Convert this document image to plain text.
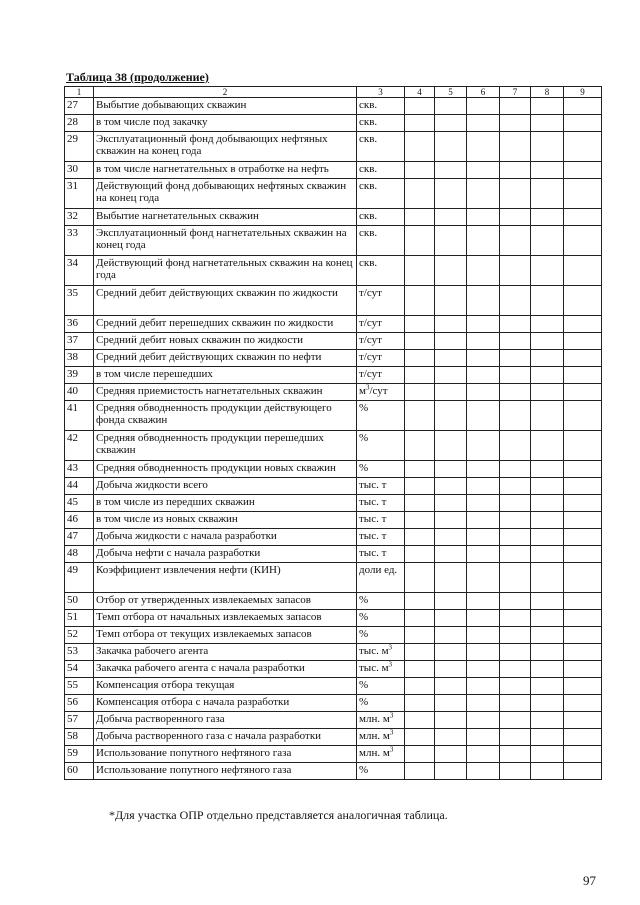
Таблица 38 (продолжение)
1	2	3	4	5	6	7	8	9
27	Выбытие добывающих скважин	скв.						
28	в том числе под закачку	скв.						
29	Эксплуатационный фонд добывающих нефтяных скважин на конец года	скв.						
30	в том числе нагнетательных в отработке на нефть	скв.						
31	Действующий фонд добывающих нефтяных скважин на конец года	скв.						
32	Выбытие нагнетательных скважин	скв.						
33	Эксплуатационный фонд нагнетательных скважин на конец года	скв.						
34	Действующий фонд нагнетательных скважин на конец года	скв.						
35	Средний дебит действующих скважин по жидкости	т/сут						
36	Средний дебит перешедших скважин по жидкости	т/сут						
37	Средний дебит новых скважин по жидкости	т/сут						
38	Средний дебит действующих скважин по нефти	т/сут						
39	в том числе перешедших	т/сут						
40	Средняя приемистость нагнетательных скважин	$м^3$/сут						
41	Средняя обводненность продукции действующего фонда скважин	%						
42	Средняя обводненность продукции перешедших скважин	%						
43	Средняя обводненность продукции новых скважин	%						
44	Добыча жидкости всего	тыс. т						
45	в том числе из передших скважин	тыс. т						
46	в том числе из новых скважин	тыс. т						
47	Добыча жидкости с начала разработки	тыс. т						
48	Добыча нефти с начала разработки	тыс. т						
49	Коэффициент извлечения нефти (КИН)	доли ед.						
50	Отбор от утвержденных извлекаемых запасов	%						
51	Темп отбора от начальных извлекаемых запасов	%						
52	Темп отбора от текущих извлекаемых запасов	%						
53	Закачка рабочего агента	тыс. $м^3$						
54	Закачка рабочего агента с начала разработки	тыс. $м^3$						
55	Компенсация отбора текущая	%						
56	Компенсация отбора с начала разработки	%						
57	Добыча растворенного газа	млн. $м^3$						
58	Добыча растворенного газа с начала разработки	млн. $м^3$						
59	Использование попутного нефтяного газа	млн. $м^3$						
60	Использование попутного нефтяного газа	%						
*Для участка ОПР отдельно представляется аналогичная таблица.
97
